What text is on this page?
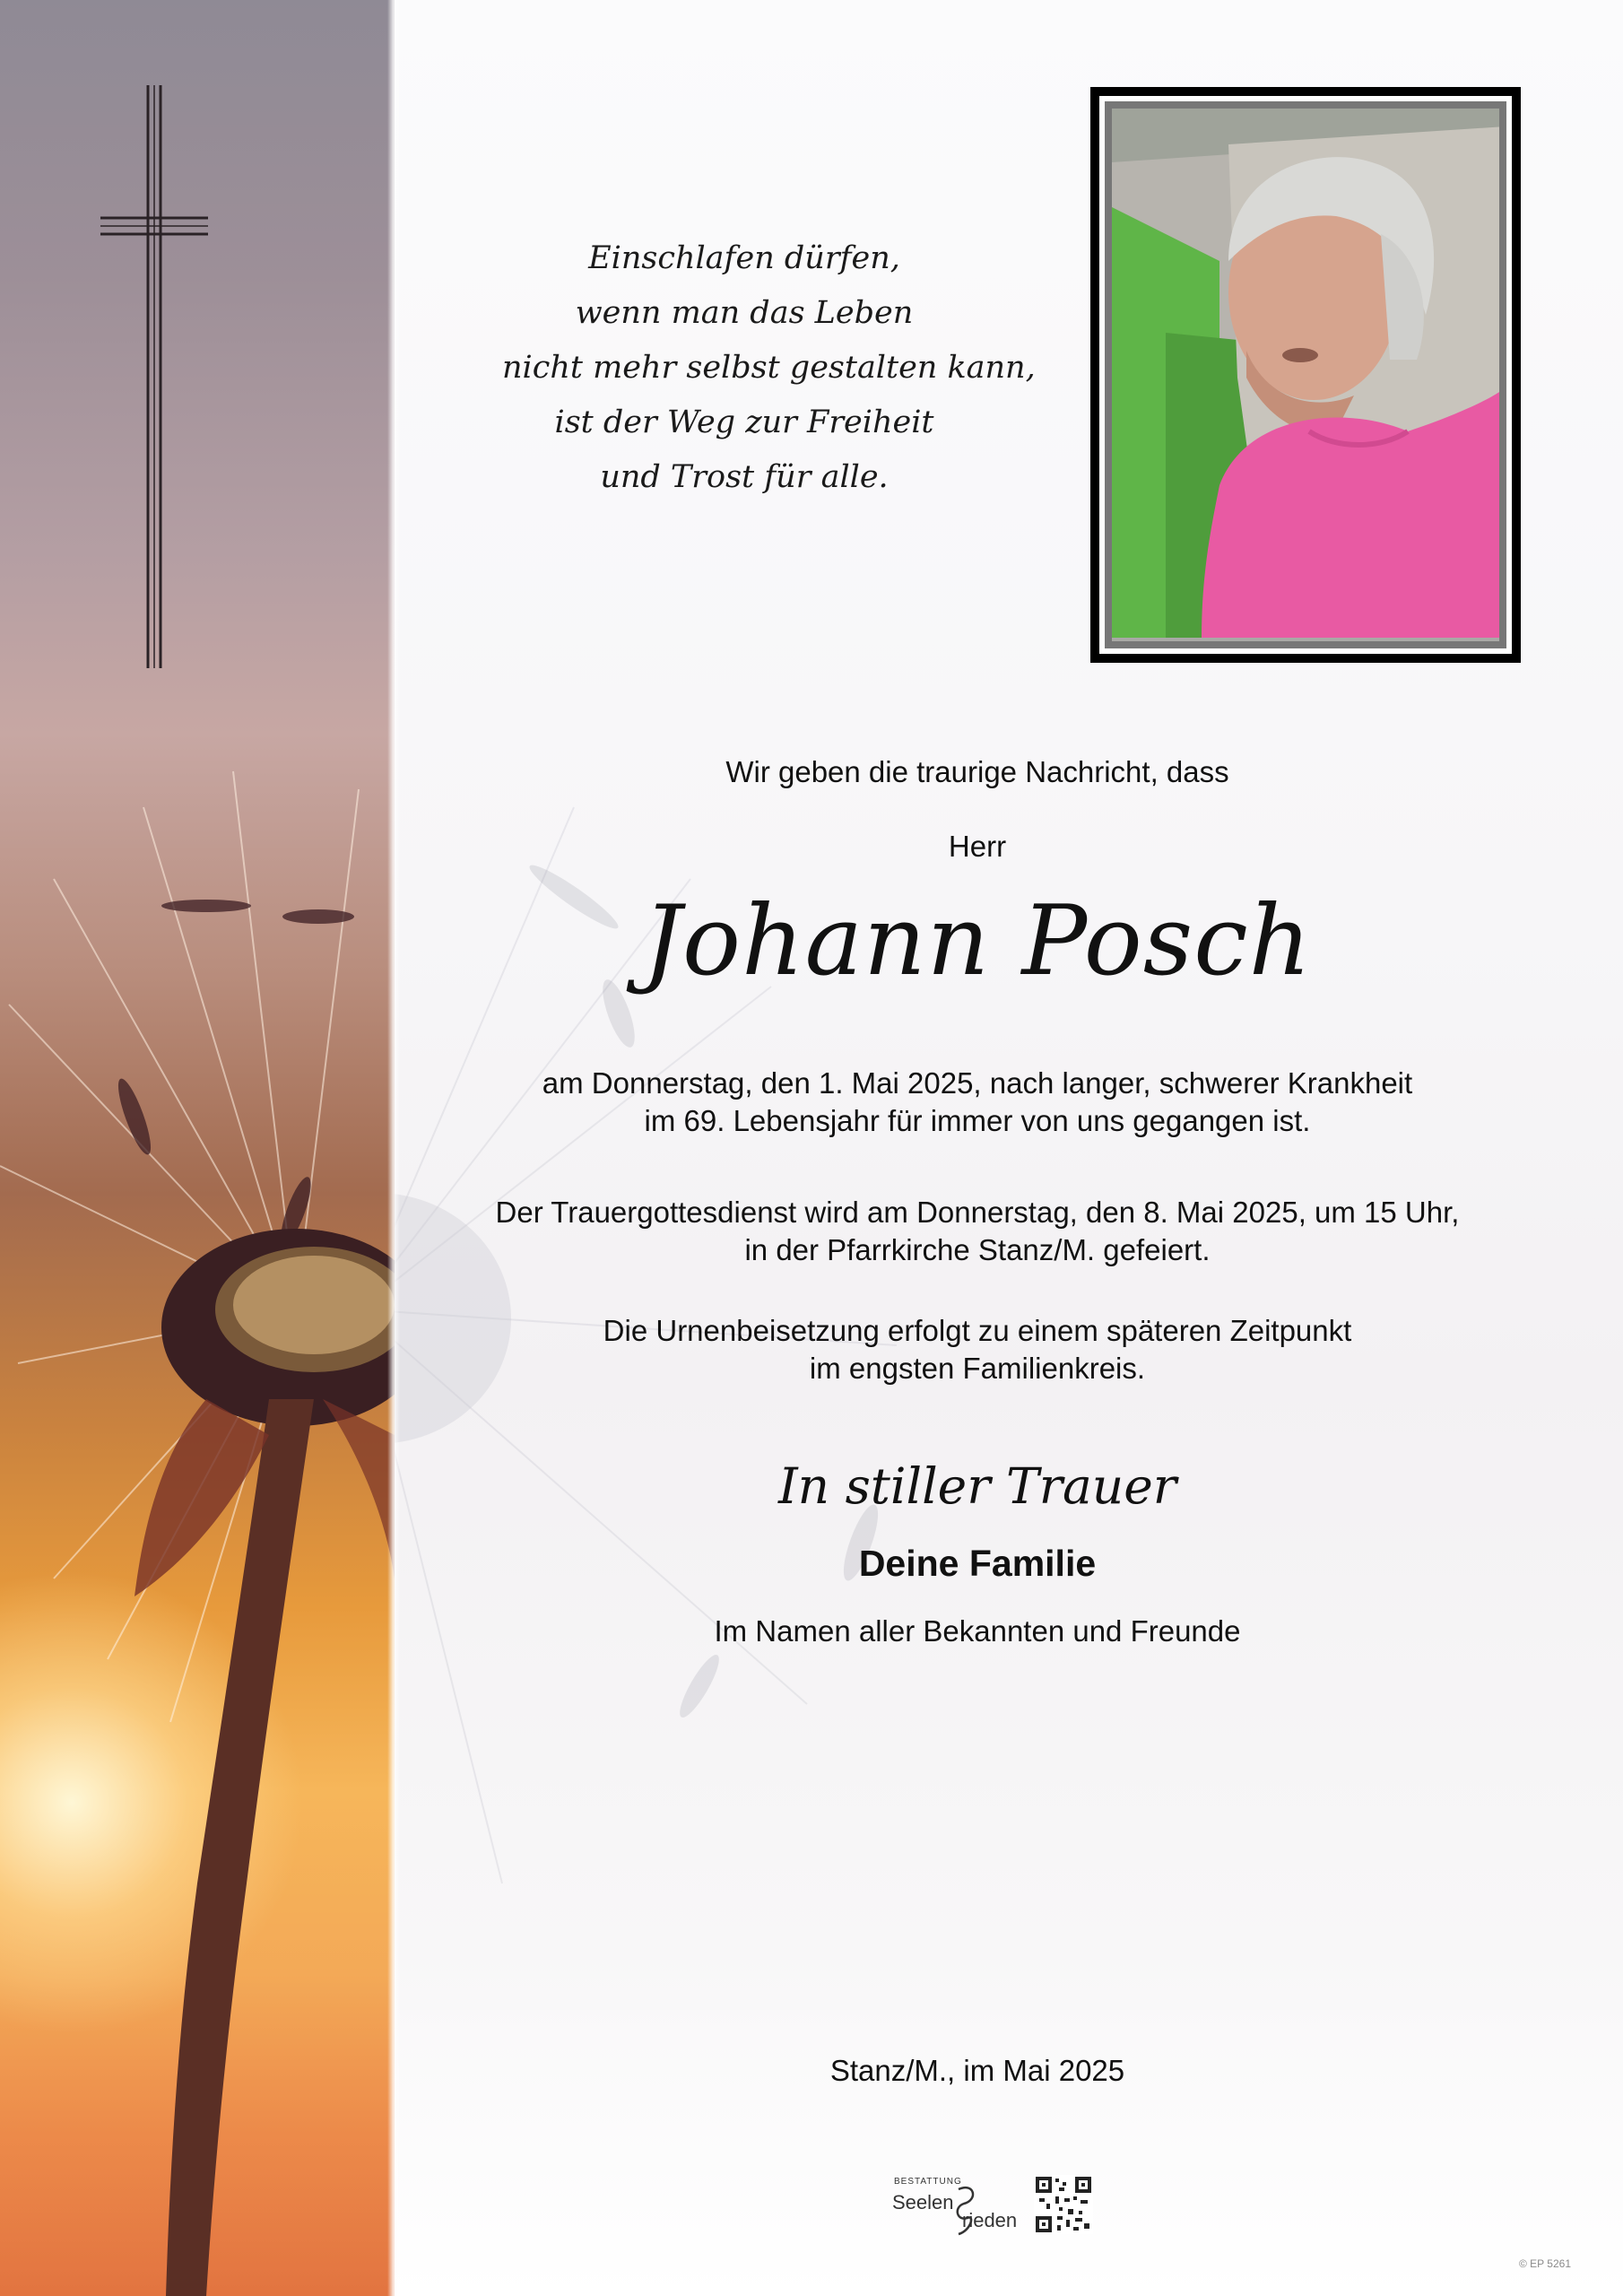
Einschlafen dürfen,
wenn man das Leben
nicht mehr selbst gestalten kann,
ist der Weg zur Freiheit
und Trost für alle.
Wir geben die traurige Nachricht, dass
Herr
Johann Posch
am Donnerstag, den 1. Mai 2025, nach langer, schwerer Krankheit
im 69. Lebensjahr für immer von uns gegangen ist.
Der Trauergottesdienst wird am Donnerstag, den 8. Mai 2025, um 15 Uhr,
in der Pfarrkirche Stanz/M. gefeiert.
Die Urnenbeisetzung erfolgt zu einem späteren Zeitpunkt
im engsten Familienkreis.
In stiller Trauer
Deine Familie
Im Namen aller Bekannten und Freunde
Stanz/M., im Mai 2025
BESTATTUNG
Seelen
rieden
© EP 5261
